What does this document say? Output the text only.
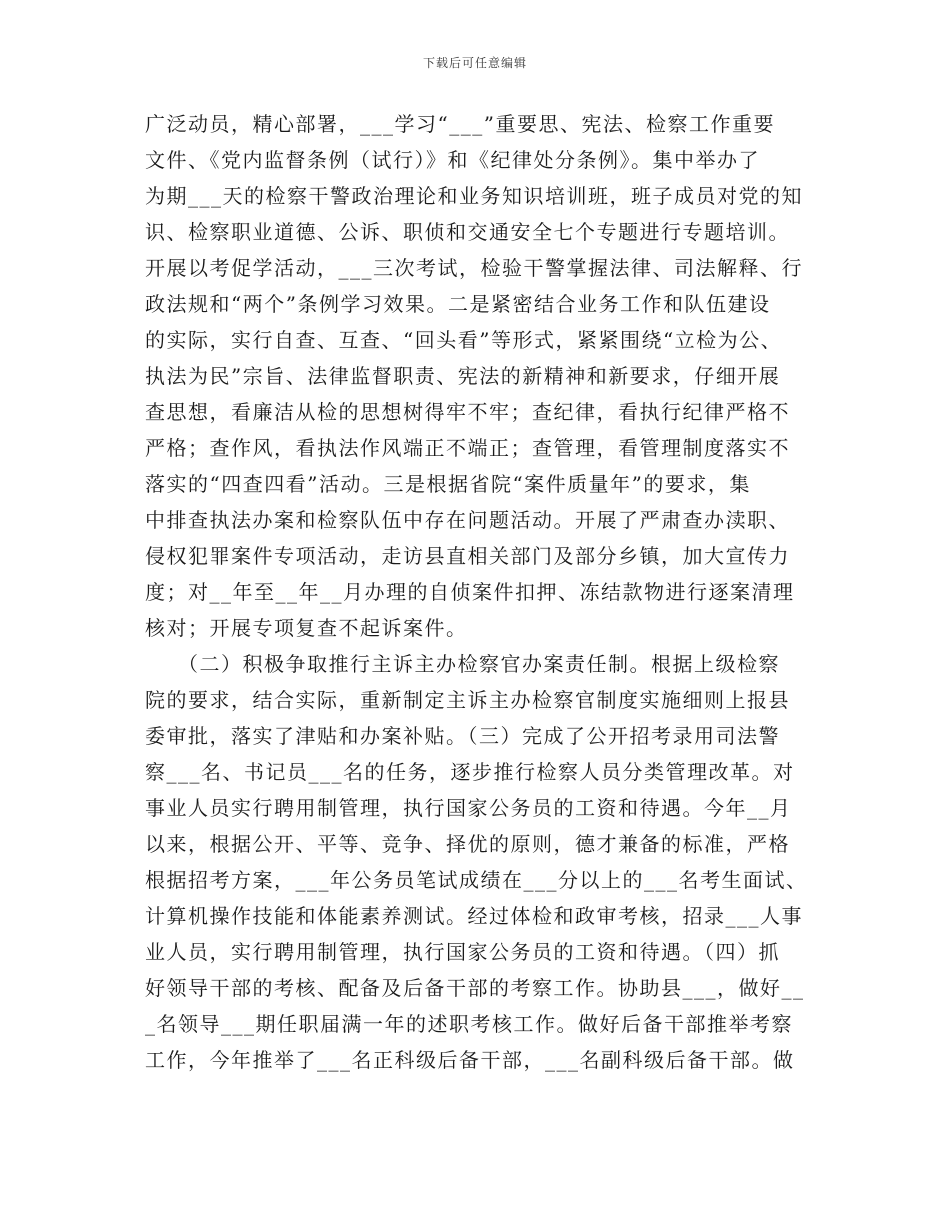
下载后可任意编辑
广泛动员，精心部署，___学习“___”重要思、宪法、检察工作重要
文件、《党内监督条例（试行）》和《纪律处分条例》。集中举办了
为期___天的检察干警政治理论和业务知识培训班，班子成员对党的知
识、检察职业道德、公诉、职侦和交通安全七个专题进行专题培训。
开展以考促学活动，___三次考试，检验干警掌握法律、司法解释、行
政法规和“两个”条例学习效果。二是紧密结合业务工作和队伍建设
的实际，实行自查、互查、“回头看”等形式，紧紧围绕“立检为公、
执法为民”宗旨、法律监督职责、宪法的新精神和新要求，仔细开展
查思想，看廉洁从检的思想树得牢不牢；查纪律，看执行纪律严格不
严格；查作风，看执法作风端正不端正；查管理，看管理制度落实不
落实的“四查四看”活动。三是根据省院“案件质量年”的要求，集
中排查执法办案和检察队伍中存在问题活动。开展了严肃查办渎职、
侵权犯罪案件专项活动，走访县直相关部门及部分乡镇，加大宣传力
度；对__年至__年__月办理的自侦案件扣押、冻结款物进行逐案清理
核对；开展专项复查不起诉案件。
　　（二）积极争取推行主诉主办检察官办案责任制。根据上级检察
院的要求，结合实际，重新制定主诉主办检察官制度实施细则上报县
委审批，落实了津贴和办案补贴。（三）完成了公开招考录用司法警
察___名、书记员___名的任务，逐步推行检察人员分类管理改革。对
事业人员实行聘用制管理，执行国家公务员的工资和待遇。今年__月
以来，根据公开、平等、竞争、择优的原则，德才兼备的标准，严格
根据招考方案，___年公务员笔试成绩在___分以上的___名考生面试、
计算机操作技能和体能素养测试。经过体检和政审考核，招录___人事
业人员，实行聘用制管理，执行国家公务员的工资和待遇。（四）抓
好领导干部的考核、配备及后备干部的考察工作。协助县___，做好__
_名领导___期任职届满一年的述职考核工作。做好后备干部推举考察
工作，今年推举了___名正科级后备干部，___名副科级后备干部。做
